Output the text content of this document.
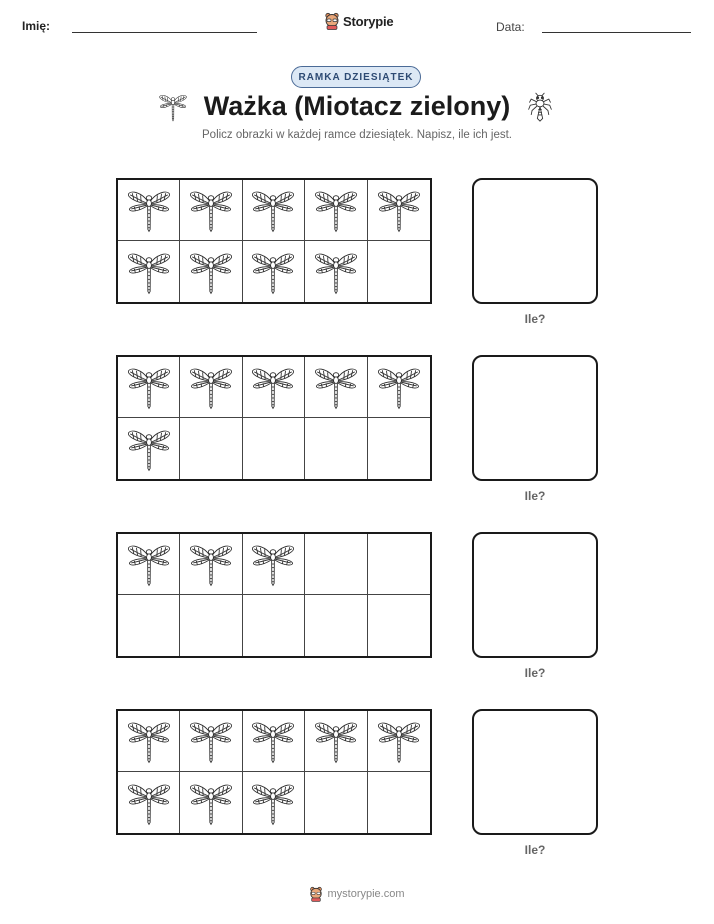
Imię:	Storypie	Data:
RAMKA DZIESIĄTEK
Ważka (Miotacz zielony)
Policz obrazki w każdej ramce dziesiątek. Napisz, ile ich jest.
Ile?
Ile?
Ile?
Ile?
mystorypie.com
